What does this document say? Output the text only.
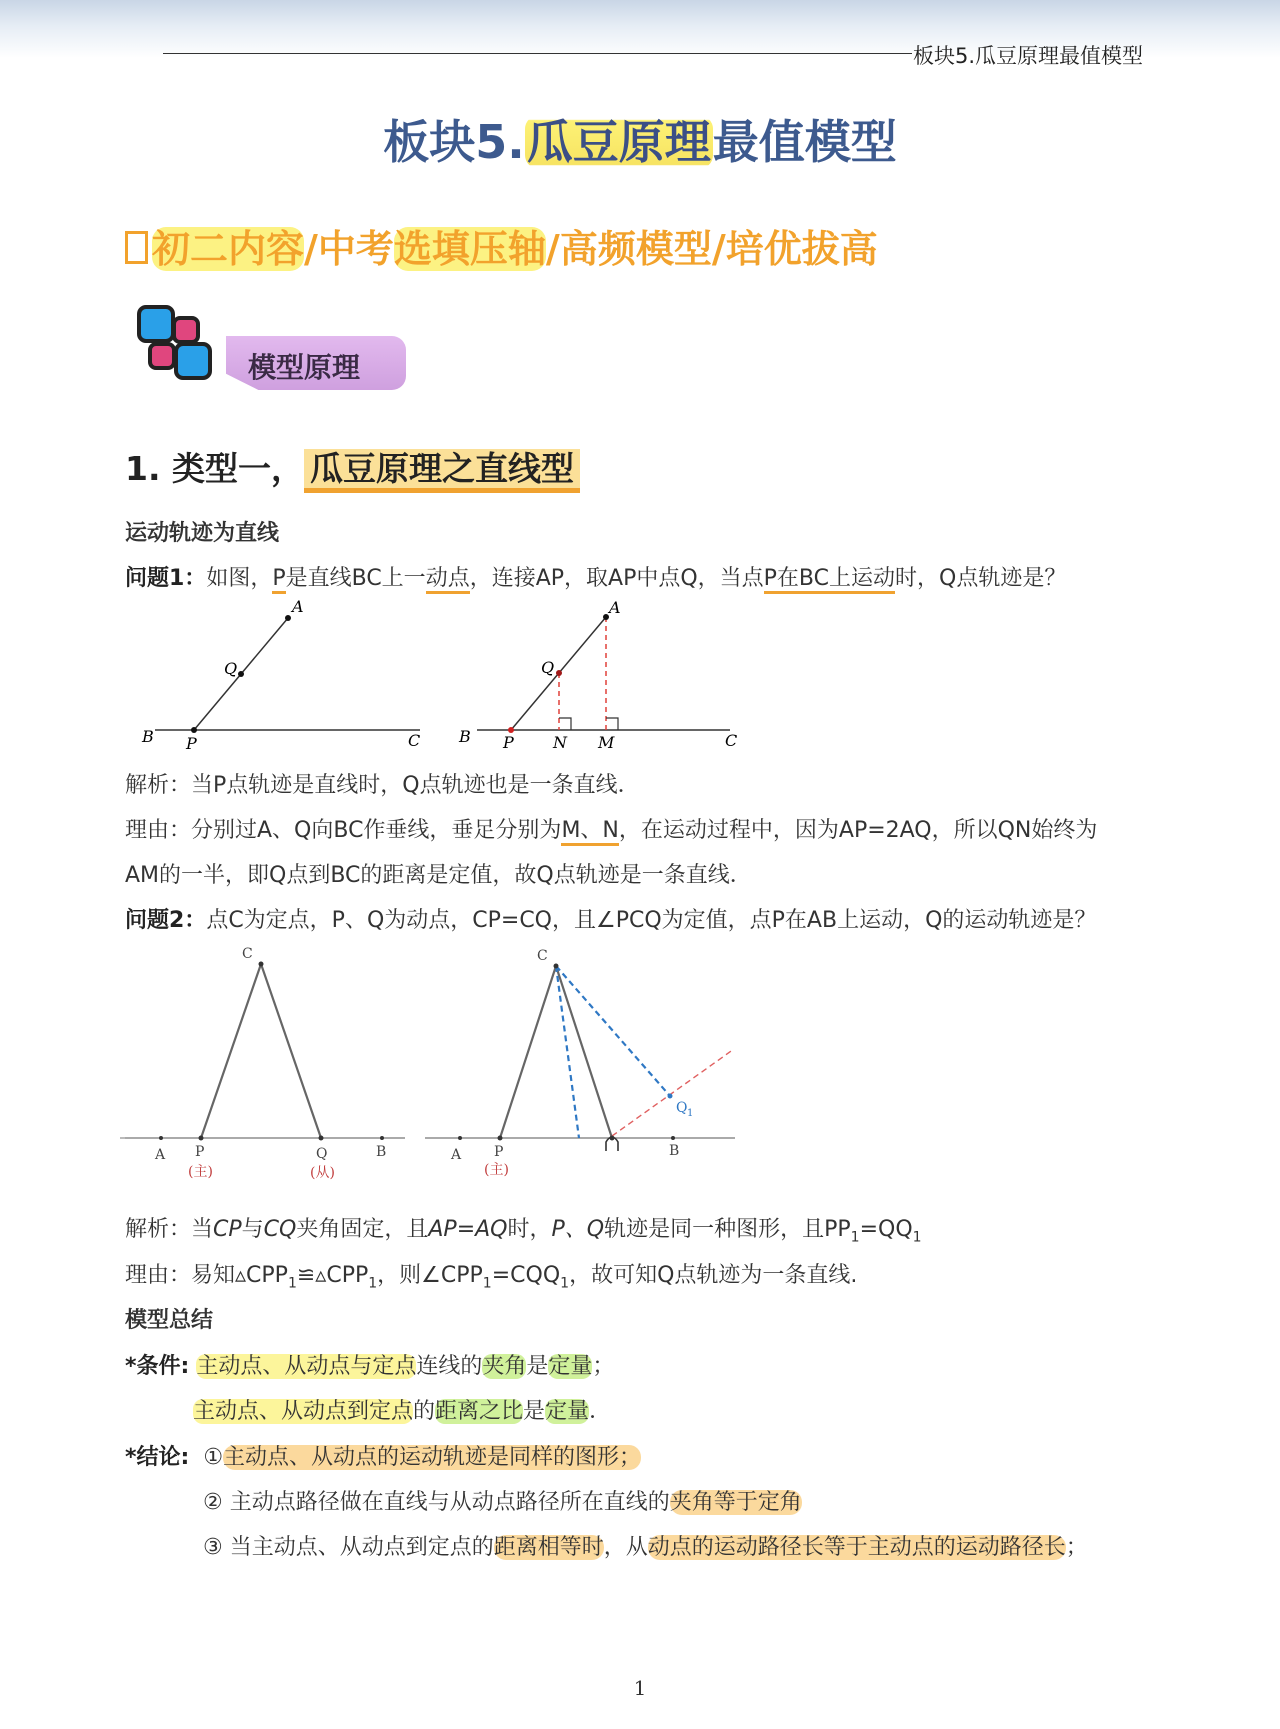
板块5.瓜豆原理最值模型
板块5.瓜豆原理最值模型
初二内容/中考选填压轴/高频模型/培优拔高
模型原理
1. 类型一， 瓜豆原理之直线型
运动轨迹为直线
问题1：如图，P是直线BC上一动点，连接AP，取AP中点Q，当点P在BC上运动时，Q点轨迹是？
A
Q
B P	C
A
Q
B P N M	C
解析：当P点轨迹是直线时，Q点轨迹也是一条直线．
理由：分别过A、Q向BC作垂线，垂足分别为M、N，在运动过程中，因为AP=2AQ，所以QN始终为
AM的一半，即Q点到BC的距离是定值，故Q点轨迹是一条直线．
问题2：点C为定点，P、Q为动点，CP=CQ，且∠PCQ为定值，点P在AB上运动，Q的运动轨迹是？
C
A P	Q	B
(主)	(从)
C
A P	B
Q 1
(主)
解析：当CP与CQ夹角固定，且AP=AQ时，P、Q轨迹是同一种图形，且$PP_1=QQ_1$
理由：易知$▵CPP_1≌▵CPP_1$，则$\angle CPP_1=CQQ_1$，故可知Q点轨迹为一条直线.
模型总结
*条件: 主动点、从动点与定点连线的夹角是定量；
主动点、从动点到定点的距离之比是定量．
*结论: ①主动点、从动点的运动轨迹是同样的图形；
② 主动点路径做在直线与从动点路径所在直线的夹角等于定角
③ 当主动点、从动点到定点的距离相等时，从动点的运动路径长等于主动点的运动路径长；
1
